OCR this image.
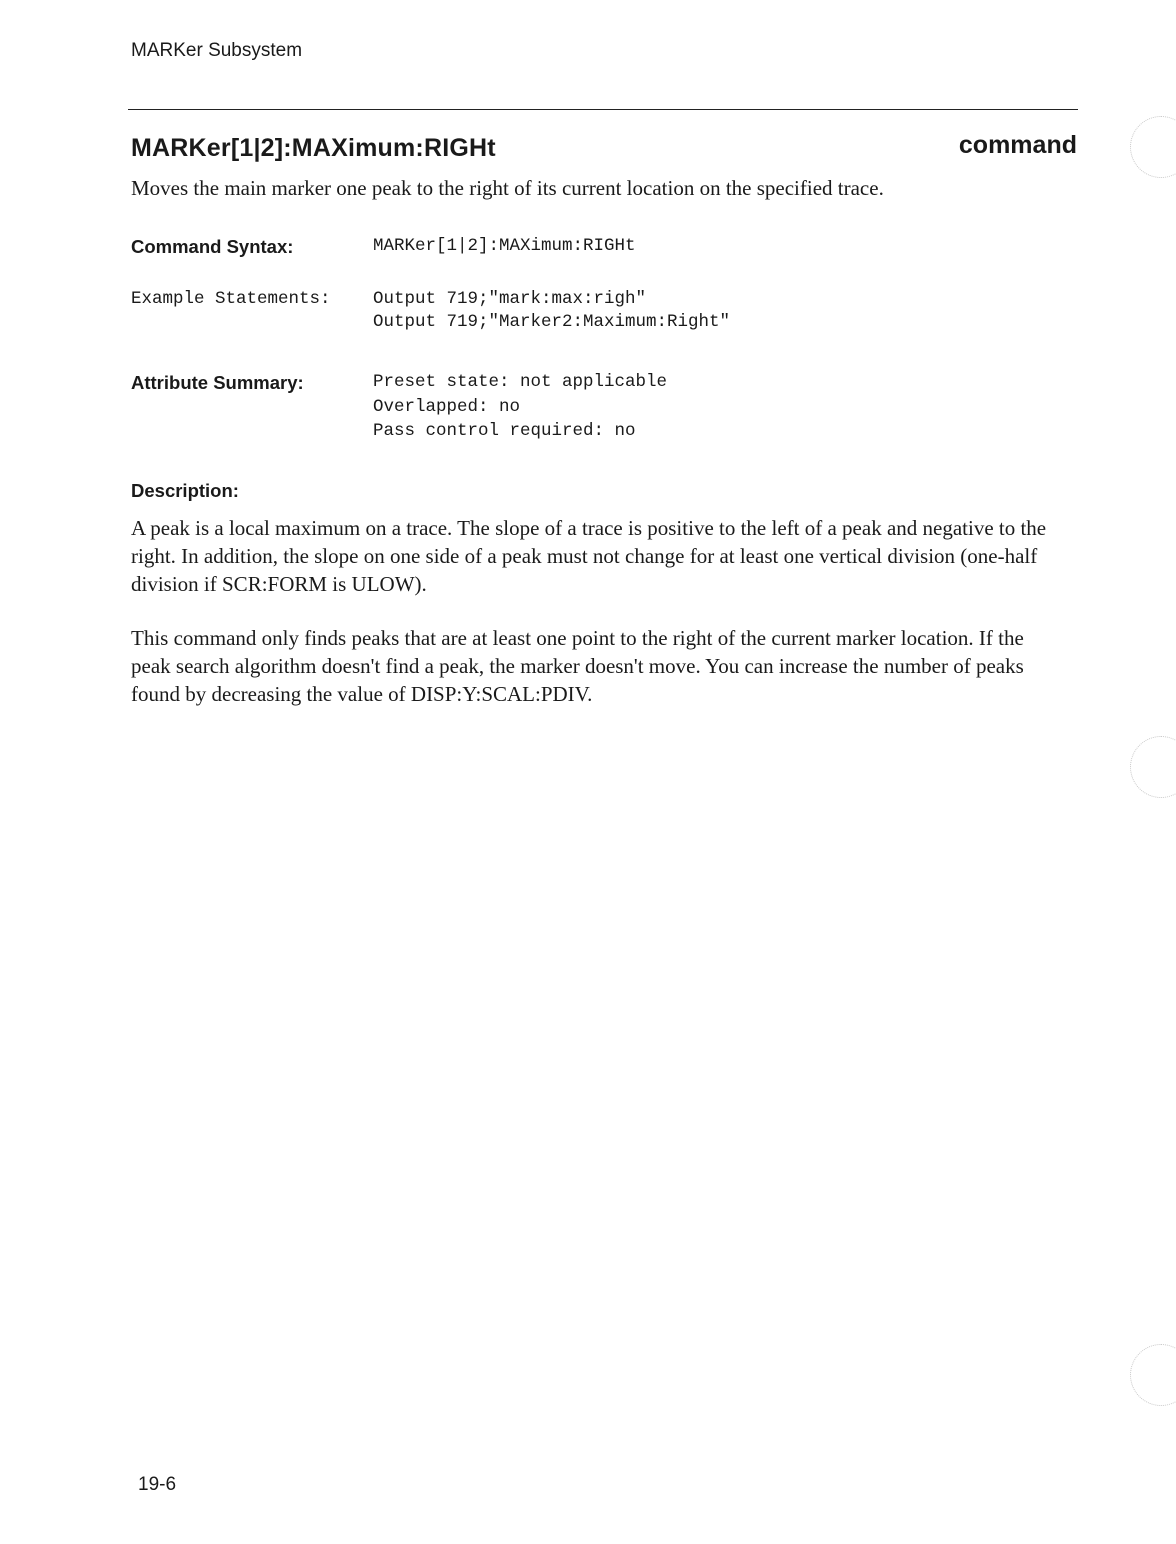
MARKer Subsystem
MARKer[1|2]:MAXimum:RIGHt	command
Moves the main marker one peak to the right of its current location on the specified trace.
Command Syntax:	MARKer[1|2]:MAXimum:RIGHt
Example Statements: Output 719;"mark:max:righ"
Output 719;"Marker2:Maximum:Right"
Attribute Summary:	Preset state: not applicable
Overlapped: no
Pass control required: no
Description:
A peak is a local maximum on a trace. The slope of a trace is positive to the left of a peak and negative to the right. In addition, the slope on one side of a peak must not change for at least one vertical division (one-half division if SCR:FORM is ULOW).
This command only finds peaks that are at least one point to the right of the current marker location. If the peak search algorithm doesn't find a peak, the marker doesn't move. You can increase the number of peaks found by decreasing the value of DISP:Y:SCAL:PDIV.
19-6
